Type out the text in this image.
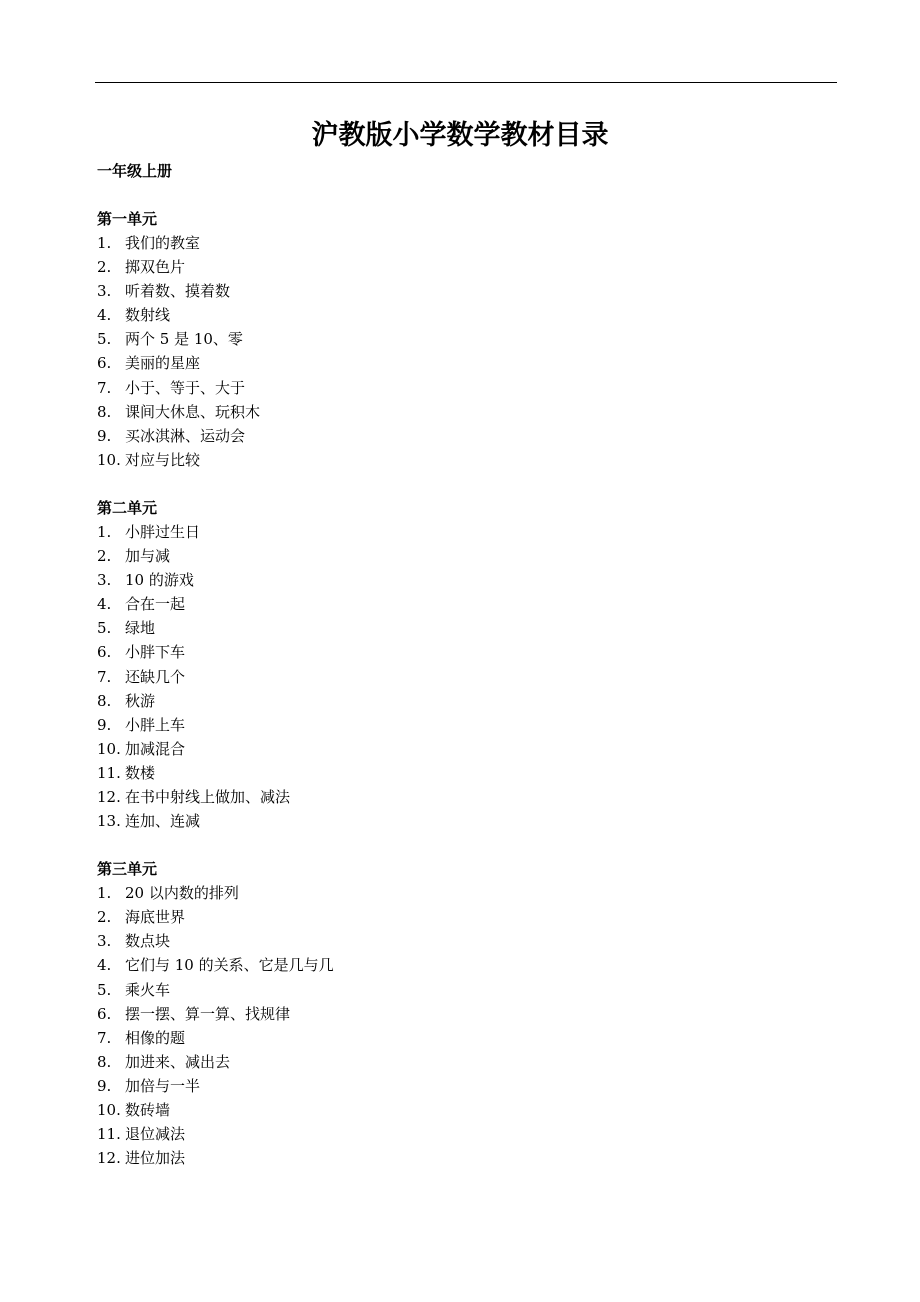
沪教版小学数学教材目录
一年级上册
第一单元
1. 我们的教室
2. 掷双色片
3. 听着数、摸着数
4. 数射线
5. 两个 5 是 10、零
6. 美丽的星座
7. 小于、等于、大于
8. 课间大休息、玩积木
9. 买冰淇淋、运动会
10. 对应与比较
第二单元
1. 小胖过生日
2. 加与减
3. 10 的游戏
4. 合在一起
5. 绿地
6. 小胖下车
7. 还缺几个
8. 秋游
9. 小胖上车
10. 加减混合
11. 数楼
12. 在书中射线上做加、减法
13. 连加、连减
第三单元
1. 20 以内数的排列
2. 海底世界
3. 数点块
4. 它们与 10 的关系、它是几与几
5. 乘火车
6. 摆一摆、算一算、找规律
7. 相像的题
8. 加进来、减出去
9. 加倍与一半
10. 数砖墙
11. 退位减法
12. 进位加法
